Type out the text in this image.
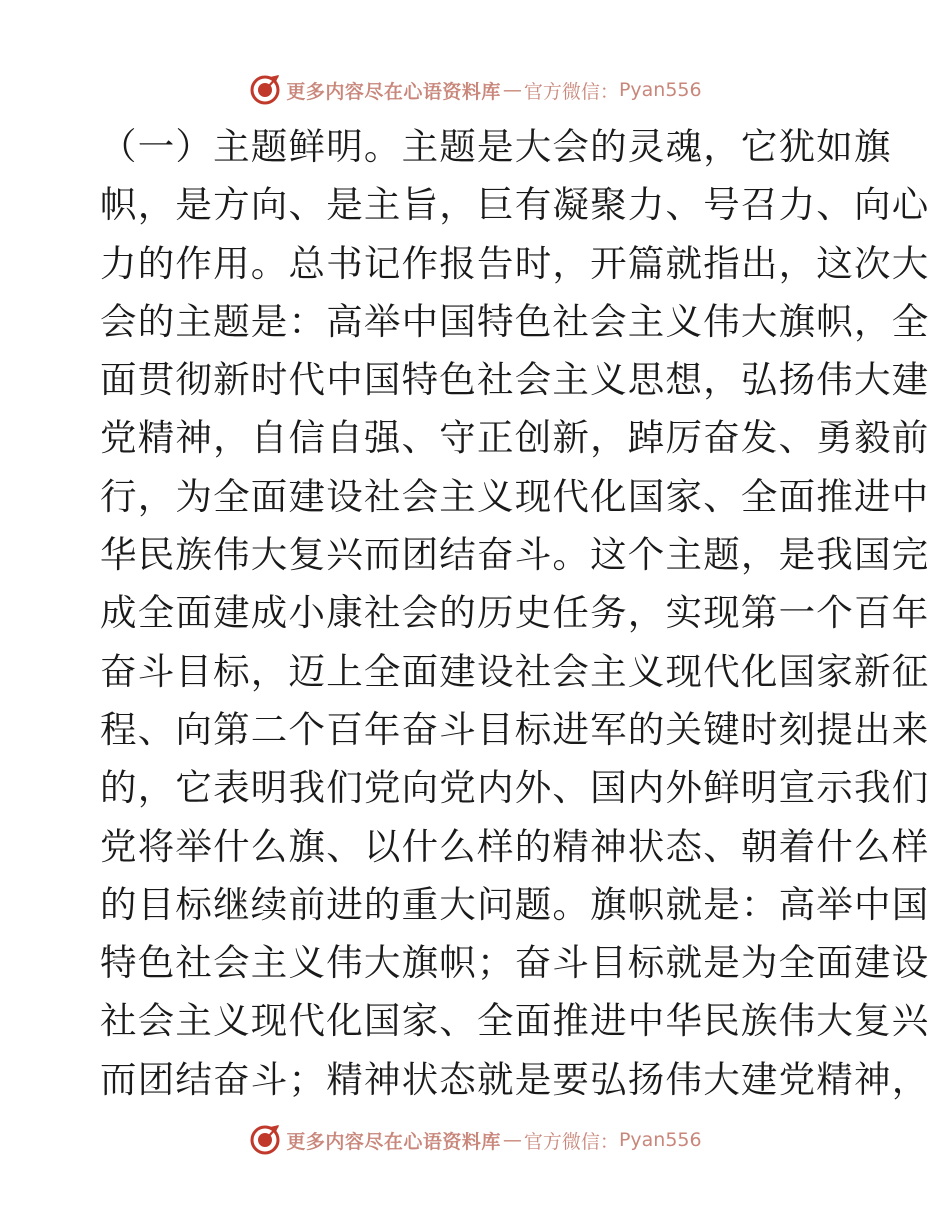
更多内容尽在心语资料库 — 官方微信： Pyan556
（一）主题鲜明。主题是大会的灵魂，它犹如旗
帜，是方向、是主旨，巨有凝聚力、号召力、向心
力的作用。总书记作报告时，开篇就指出，这次大
会的主题是：高举中国特色社会主义伟大旗帜，全
面贯彻新时代中国特色社会主义思想，弘扬伟大建
党精神，自信自强、守正创新，踔厉奋发、勇毅前
行，为全面建设社会主义现代化国家、全面推进中
华民族伟大复兴而团结奋斗。这个主题，是我国完
成全面建成小康社会的历史任务，实现第一个百年
奋斗目标，迈上全面建设社会主义现代化国家新征
程、向第二个百年奋斗目标进军的关键时刻提出来
的，它表明我们党向党内外、国内外鲜明宣示我们
党将举什么旗、以什么样的精神状态、朝着什么样
的目标继续前进的重大问题。旗帜就是：高举中国
特色社会主义伟大旗帜；奋斗目标就是为全面建设
社会主义现代化国家、全面推进中华民族伟大复兴
而团结奋斗；精神状态就是要弘扬伟大建党精神，
更多内容尽在心语资料库 — 官方微信： Pyan556
